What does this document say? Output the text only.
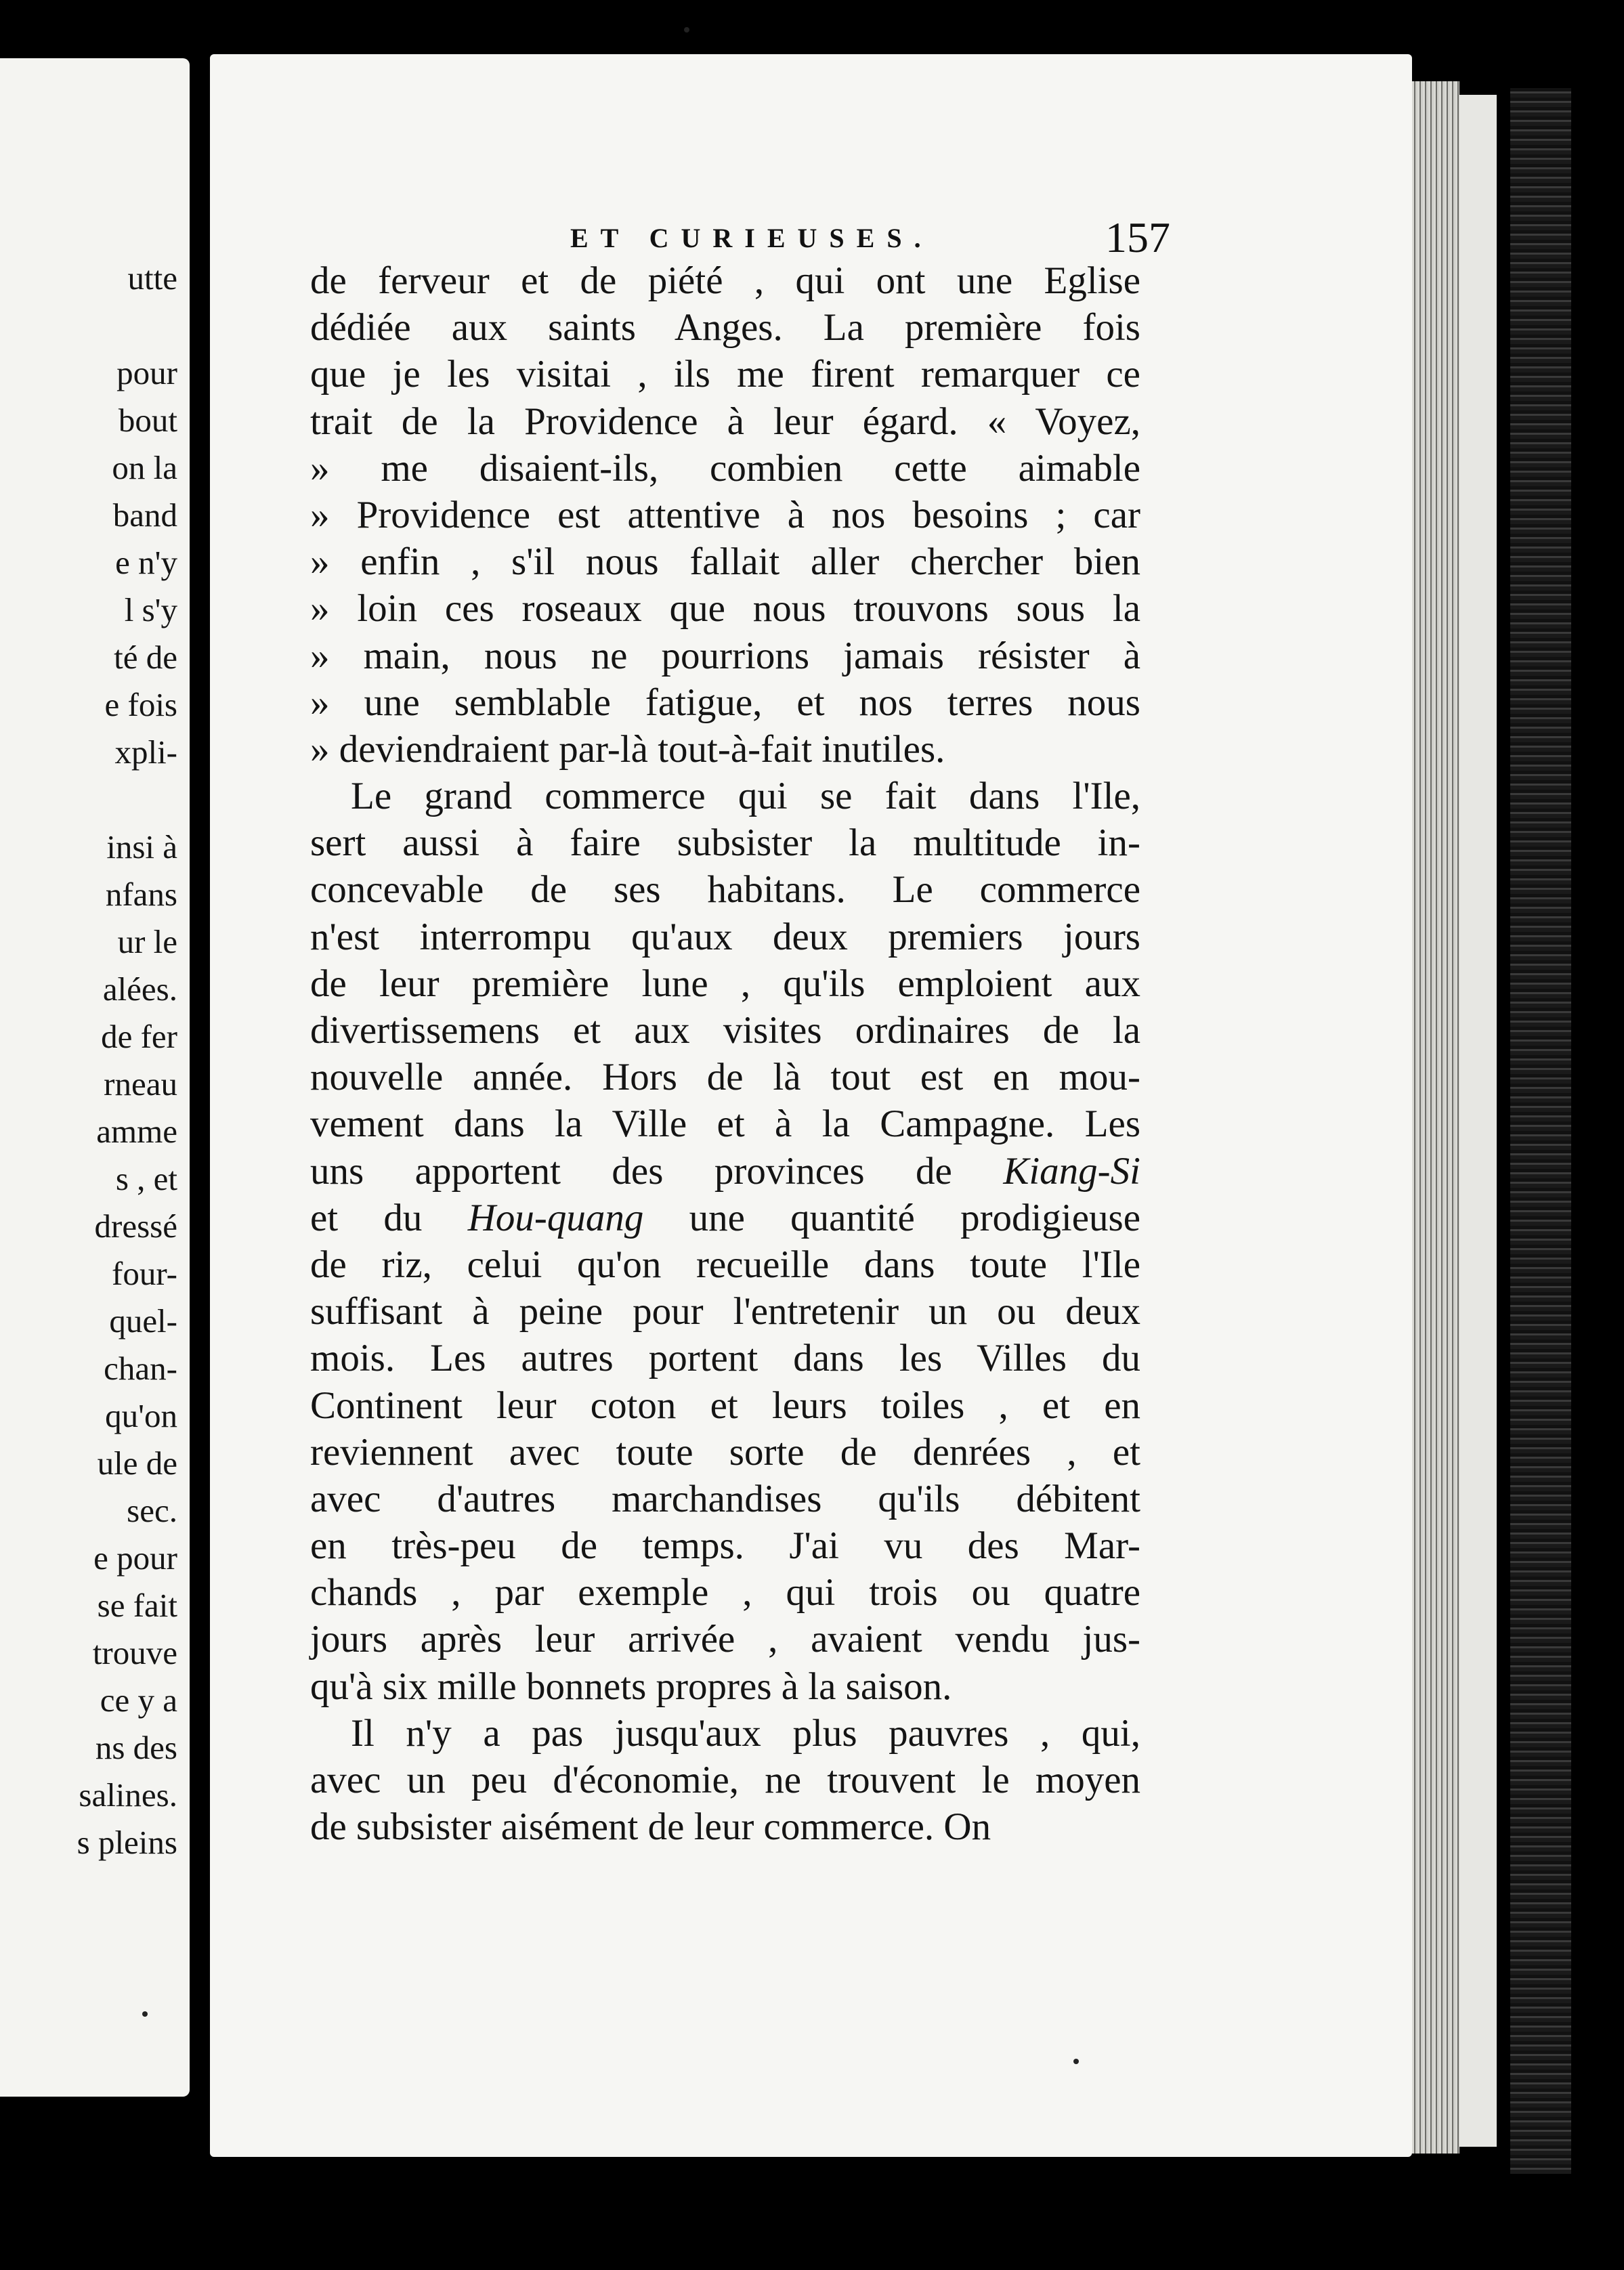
utte

pour
bout
on la
band
e n'y
l s'y
té de
e fois
xpli-

insi à
nfans
ur le
alées.
de fer
rneau
amme
s , et
dressé
four-
quel-
chan-
qu'on
ule de
sec.
e pour
se fait
trouve
ce y a
ns des
salines.
s pleins
ET CURIEUSES.	157
de ferveur et de piété , qui ont une Eglise
dédiée aux saints Anges. La première fois
que je les visitai , ils me firent remarquer ce
trait de la Providence à leur égard. « Voyez,
» me disaient-ils, combien cette aimable
» Providence est attentive à nos besoins ; car
» enfin , s'il nous fallait aller chercher bien
» loin ces roseaux que nous trouvons sous la
» main, nous ne pourrions jamais résister à
» une semblable fatigue, et nos terres nous
» deviendraient par-là tout-à-fait inutiles.
Le grand commerce qui se fait dans l'Ile,
sert aussi à faire subsister la multitude in-
concevable de ses habitans. Le commerce
n'est interrompu qu'aux deux premiers jours
de leur première lune , qu'ils emploient aux
divertissemens et aux visites ordinaires de la
nouvelle année. Hors de là tout est en mou-
vement dans la Ville et à la Campagne. Les
uns apportent des provinces de Kiang-Si
et du Hou-quang une quantité prodigieuse
de riz, celui qu'on recueille dans toute l'Ile
suffisant à peine pour l'entretenir un ou deux
mois. Les autres portent dans les Villes du
Continent leur coton et leurs toiles , et en
reviennent avec toute sorte de denrées , et
avec d'autres marchandises qu'ils débitent
en très-peu de temps. J'ai vu des Mar-
chands , par exemple , qui trois ou quatre
jours après leur arrivée , avaient vendu jus-
qu'à six mille bonnets propres à la saison.
Il n'y a pas jusqu'aux plus pauvres , qui,
avec un peu d'économie, ne trouvent le moyen
de subsister aisément de leur commerce. On
